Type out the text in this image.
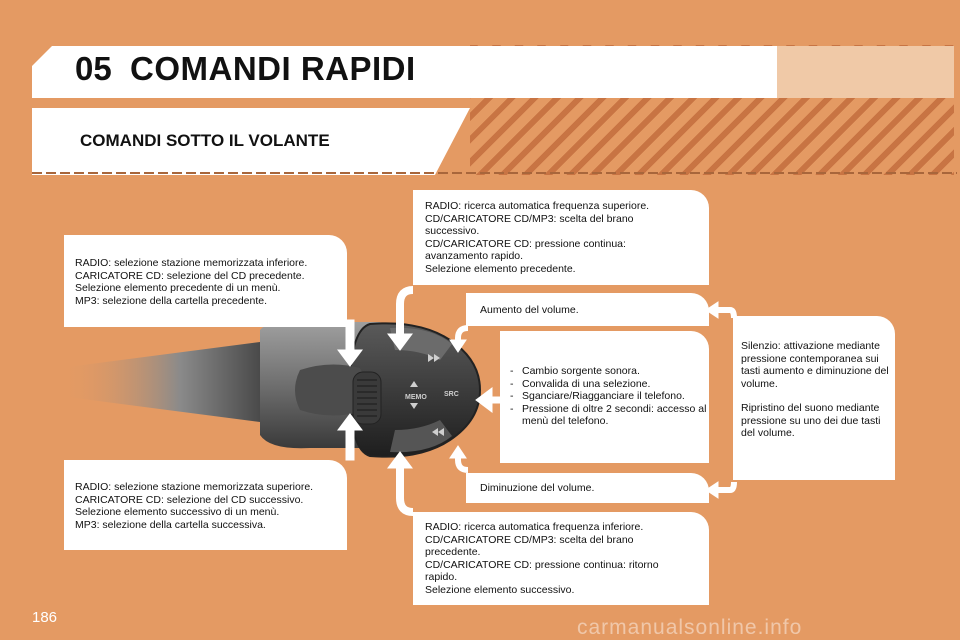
05 COMANDI RAPIDI
COMANDI SOTTO IL VOLANTE
MEMO SRC
RADIO: selezione stazione memorizzata inferiore.
CARICATORE CD: selezione del CD precedente.
Selezione elemento precedente di un menù.
MP3: selezione della cartella precedente.
RADIO: selezione stazione memorizzata superiore.
CARICATORE CD: selezione del CD successivo.
Selezione elemento successivo di un menù.
MP3: selezione della cartella successiva.
RADIO: ricerca automatica frequenza superiore.
CD/CARICATORE CD/MP3: scelta del brano
successivo.
CD/CARICATORE CD: pressione continua:
avanzamento rapido.
Selezione elemento precedente.
RADIO: ricerca automatica frequenza inferiore.
CD/CARICATORE CD/MP3: scelta del brano
precedente.
CD/CARICATORE CD: pressione continua: ritorno
rapido.
Selezione elemento successivo.
Aumento del volume.
Diminuzione del volume.
- Cambio sorgente sonora.
- Convalida di una selezione.
- Sganciare/Riagganciare il telefono.
- Pressione di oltre 2 secondi: accesso al menù del telefono.

Silenzio: attivazione mediante pressione contemporanea sui tasti aumento e diminuzione del volume.

Ripristino del suono mediante pressione su uno dei due tasti del volume.

186	carmanualsonline.info
